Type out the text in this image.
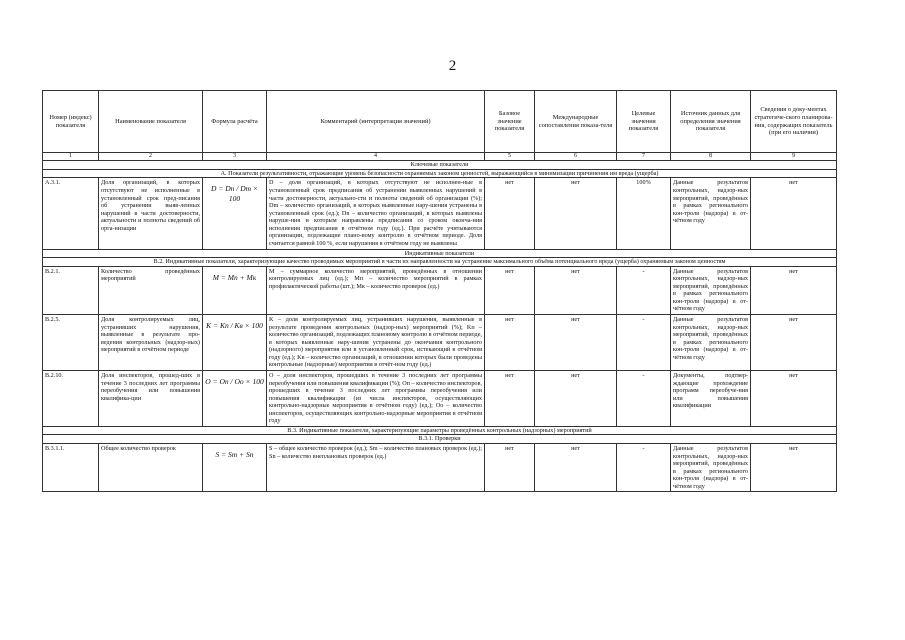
2
Номер (индекс) показателя	Наименование показателя	Формула расчёта	Комментарий (интерпретация значений)	Базовое значение показателя	Международные сопоставления показа-теля	Целевые значения показателя	Источник данных для определения значения показателя	Сведения о доку-ментах стратегиче-ского планирова-ния, содержащих показатель (при его наличии)
1	2	3	4	5	6	7	8	9
Ключевые показатели								
А. Показатели результативности, отражающие уровень безопасности охраняемых законом ценностей, выражающийся в минимизации причинения им вреда (ущерба)								
А.3.1.	Доля организаций, в которых отсутствуют не исполненные в установленный срок пред-писания об устранении выяв-ленных нарушений в части достоверности, актуальности и полноты сведений об орга-низации	D = Dn / Dm × 100	D – доля организаций, в которых отсутствуют не исполнен-ные в установленный срок предписания об устранении выявленных нарушений в части достоверности, актуально-сти и полноты сведений об организации (%); Dm – количество организаций, в которых выявленные нару-шения устранены в установленный срок (ед.); Dn – количество организаций, в которых выявлены наруше-ния и которым направлены предписания со сроком оконча-ния исполнения предписания в отчётном году (ед.). При расчёте учитываются организации, подлежащие плано-вому контролю в отчётном периоде. Доля считается равной 100 %, если нарушения в отчётном году не выявлены	нет	нет	100%	Данные результатов контрольных, надзор-ных мероприятий, проведённых в рамках регионального кон-троля (надзора) в от-чётном году	нет
Индикативные показатели								
В.2. Индикативные показатели, характеризующие качество проводимых мероприятий в части их направленности на устранение максимального объёма потенциального вреда (ущерба) охраняемым законом ценностям								
В.2.1.	Количество проведённых мероприятий	M = Mп + Mк	M – суммарное количество мероприятий, проведённых в отношении контролируемых лиц (ед.); Mп – количество мероприятий в рамках профилактической работы (шт.); Mк – количество проверок (ед.)	нет	нет	-	Данные результатов контрольных, надзор-ных мероприятий, проведённых в рамках регионального кон-троля (надзора) в от-чётном году	нет
В.2.5.	Доля контролируемых лиц, устранивших нарушения, выявленные в результате про-ведения контрольных (надзор-ных) мероприятий в отчётном периоде	K = Kп / Kв × 100	K – доля контролируемых лиц, устранивших нарушения, выявленные в результате проведения контрольных (надзор-ных) мероприятий (%); Kп – количество организаций, подлежащих плановому контролю в отчётном периоде, в которых выявленные нару-шения устранены до окончания контрольного (надзорного) мероприятия или в установленный срок, истекающий в отчётном году (ед.); Kв – количество организаций, в отношении которых были проведены контрольные (надзорные) мероприятия в отчёт-ном году (ед.)	нет	нет	-	Данные результатов контрольных, надзор-ных мероприятий, проведённых в рамках регионального кон-троля (надзора) в от-чётном году	нет
В.2.10.	Доля инспекторов, прошед-ших в течение 3 последних лет программы переобучения или повышения квалифика-ции	O = Oп / Oо × 100	O – доля инспекторов, прошедших в течение 3 последних лет программы переобучения или повышения квалификации (%); Oп – количество инспекторов, прошедших в течение 3 последних лет программы переобучения или повышения квалификации (из числа инспекторов, осуществляющих контрольно-надзорные мероприятия в отчётном году) (ед.); Oо – количество инспекторов, осуществляющих контрольно-надзорные мероприятия в отчётном году	нет	нет	-	Документы, подтвер-ждающие прохождение программ переобуче-ния или повышения квалификации	нет
В.3. Индикативные показатели, характеризующие параметры проведённых контрольных (надзорных) мероприятий								
В.3.1. Проверки								
В.3.1.1.	Общее количество проверок	S = Sm + Sn	S – общее количество проверок (ед.); Sm – количество плановых проверок (ед.); Sn – количество внеплановых проверок (ед.)	нет	нет	-	Данные результатов контрольных, надзор-ных мероприятий, проведённых в рамках регионального кон-троля (надзора) в от-чётном году	нет
